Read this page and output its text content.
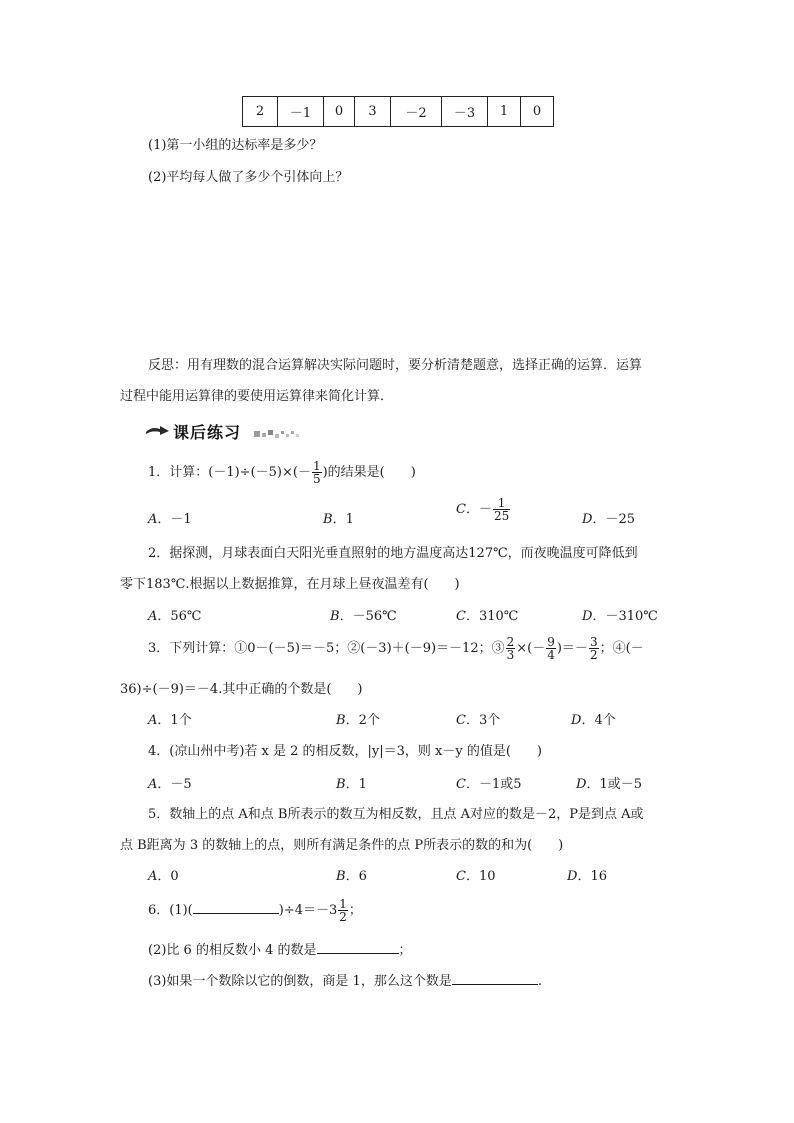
2	－1	0	3	－2	－3	1	0
(1)第一小组的达标率是多少？
(2)平均每人做了多少个引体向上？
反思：用有理数的混合运算解决实际问题时，要分析清楚题意，选择正确的运算．运算
过程中能用运算律的要使用运算律来简化计算．
课后练习
1．计算：$(-1)\div(-5)\times(- \frac{1}{5}$ )的结果是(　　)
A．－1	B．1
C．－ $\frac{1}{25}$	D．－25
2．据探测，月球表面白天阳光垂直照射的地方温度高达127℃，而夜晚温度可降低到
零下183℃.根据以上数据推算，在月球上昼夜温差有(　　)
A．56℃	B．－56℃	C．310℃	D．－310℃
3．下列计算：①0－(－5)＝－5；②(－3)＋(－9)＝－12；③ $\frac{2}{3}$ ×(－ $\frac{9}{4}$ )＝－ $\frac{3}{2}$ ；④(－
36)÷(－9)＝－4.其中正确的个数是(　　)
A．1个	B．2个	C．3个	D．4个
4．(凉山州中考)若 x 是 2 的相反数，|y|＝3，则 x－y 的值是(　　)
A．－5	B．1	C．－1或5	D．1或－5
5．数轴上的点 A和点 B所表示的数互为相反数，且点 A对应的数是－2，P是到点 A或
点 B距离为 3 的数轴上的点，则所有满足条件的点 P所表示的数的和为(　　)
A．0	B．6	C．10	D．16
6．(1)(	)$\div 4=-3 \frac{1}{2}$ ；
(2)比 6 的相反数小 4 的数是	；
(3)如果一个数除以它的倒数，商是 1，那么这个数是	.
